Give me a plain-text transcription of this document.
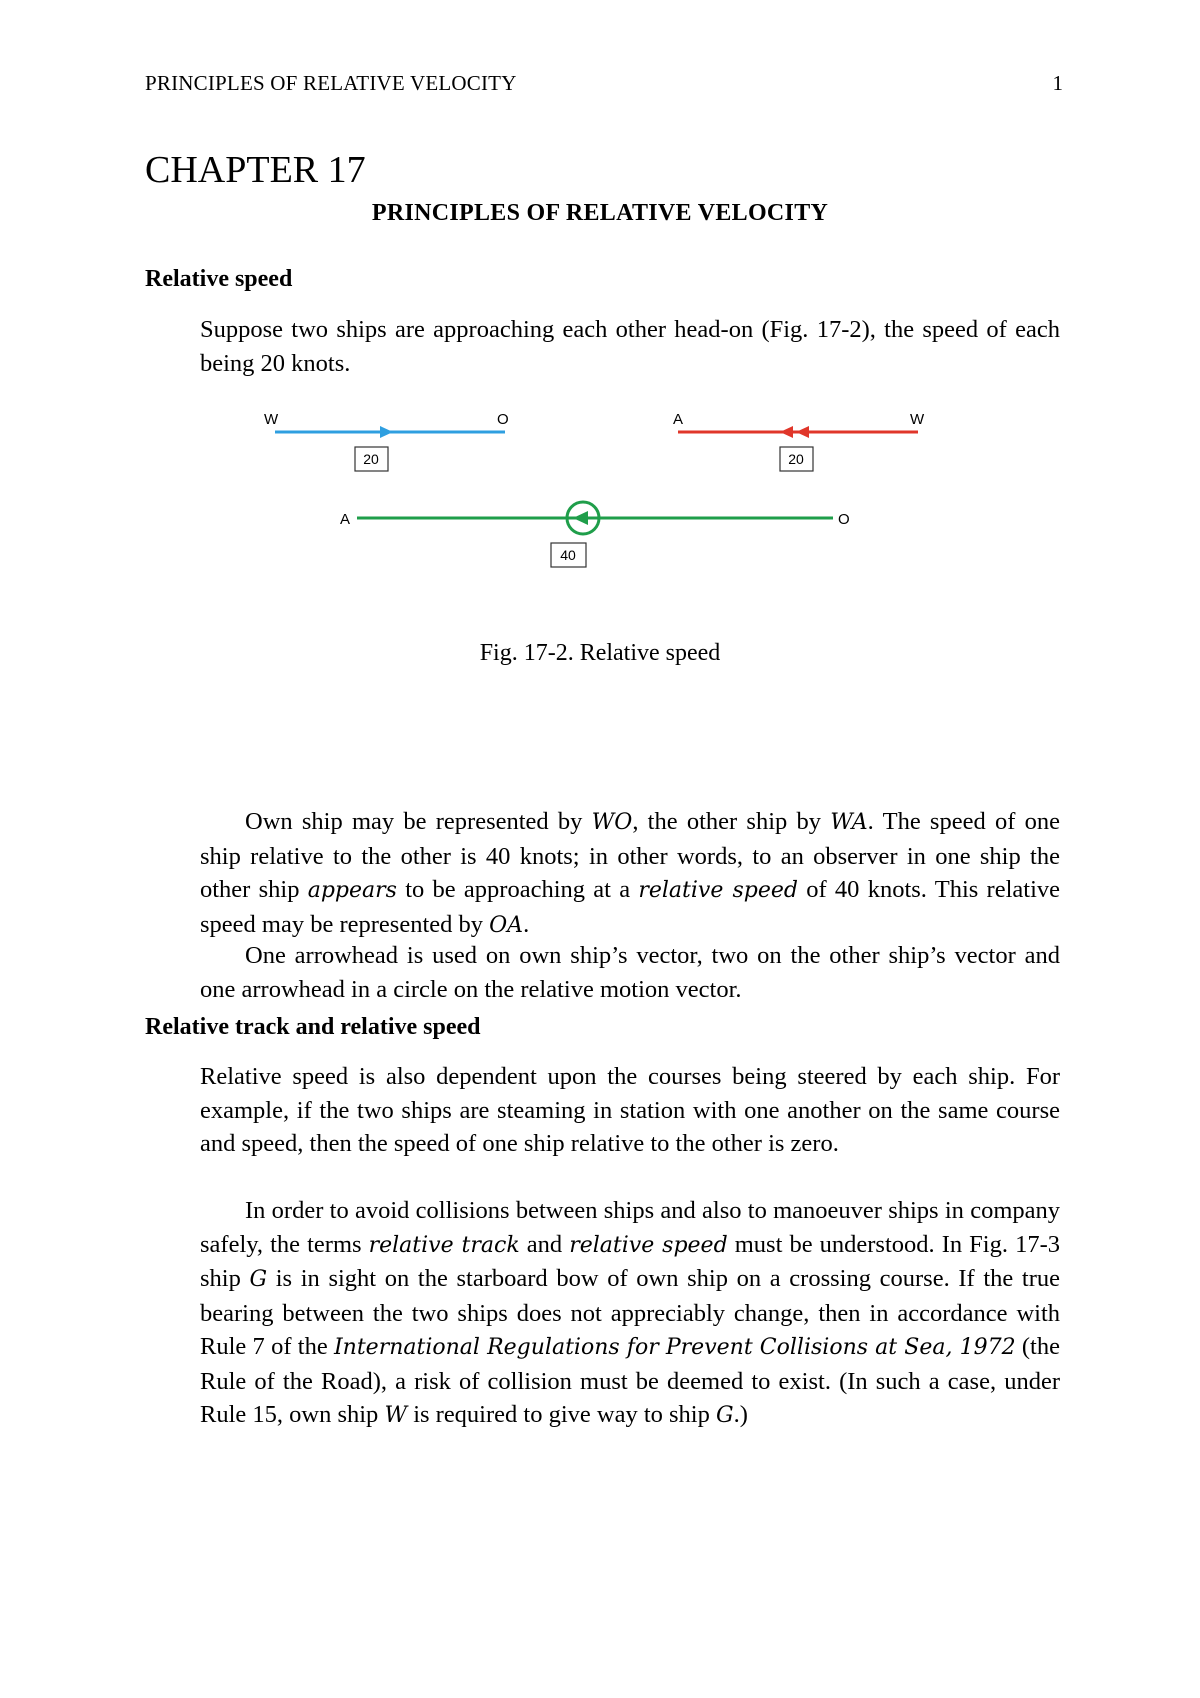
PRINCIPLES OF RELATIVE VELOCITY	1
CHAPTER 17
PRINCIPLES OF RELATIVE VELOCITY
Relative speed

Suppose two ships are approaching each other head-on (Fig. 17-2), the speed of each being 20 knots.

W	O
20
A	W
20
A	O
40
Fig. 17-2. Relative speed

Own ship may be represented by WO, the other ship by WA. The speed of one ship relative to the other is 40 knots; in other words, to an observer in one ship the other ship appears to be approaching at a relative speed of 40 knots. This relative speed may be represented by OA.

One arrowhead is used on own ship’s vector, two on the other ship’s vector and one arrowhead in a circle on the relative motion vector.

Relative track and relative speed

Relative speed is also dependent upon the courses being steered by each ship. For example, if the two ships are steaming in station with one another on the same course and speed, then the speed of one ship relative to the other is zero.

In order to avoid collisions between ships and also to manoeuver ships in company safely, the terms relative track and relative speed must be understood. In Fig. 17-3 ship G is in sight on the starboard bow of own ship on a crossing course. If the true bearing between the two ships does not appreciably change, then in accordance with Rule 7 of the International Regulations for Prevent Collisions at Sea, 1972 (the Rule of the Road), a risk of collision must be deemed to exist. (In such a case, under Rule 15, own ship W is required to give way to ship G.)
